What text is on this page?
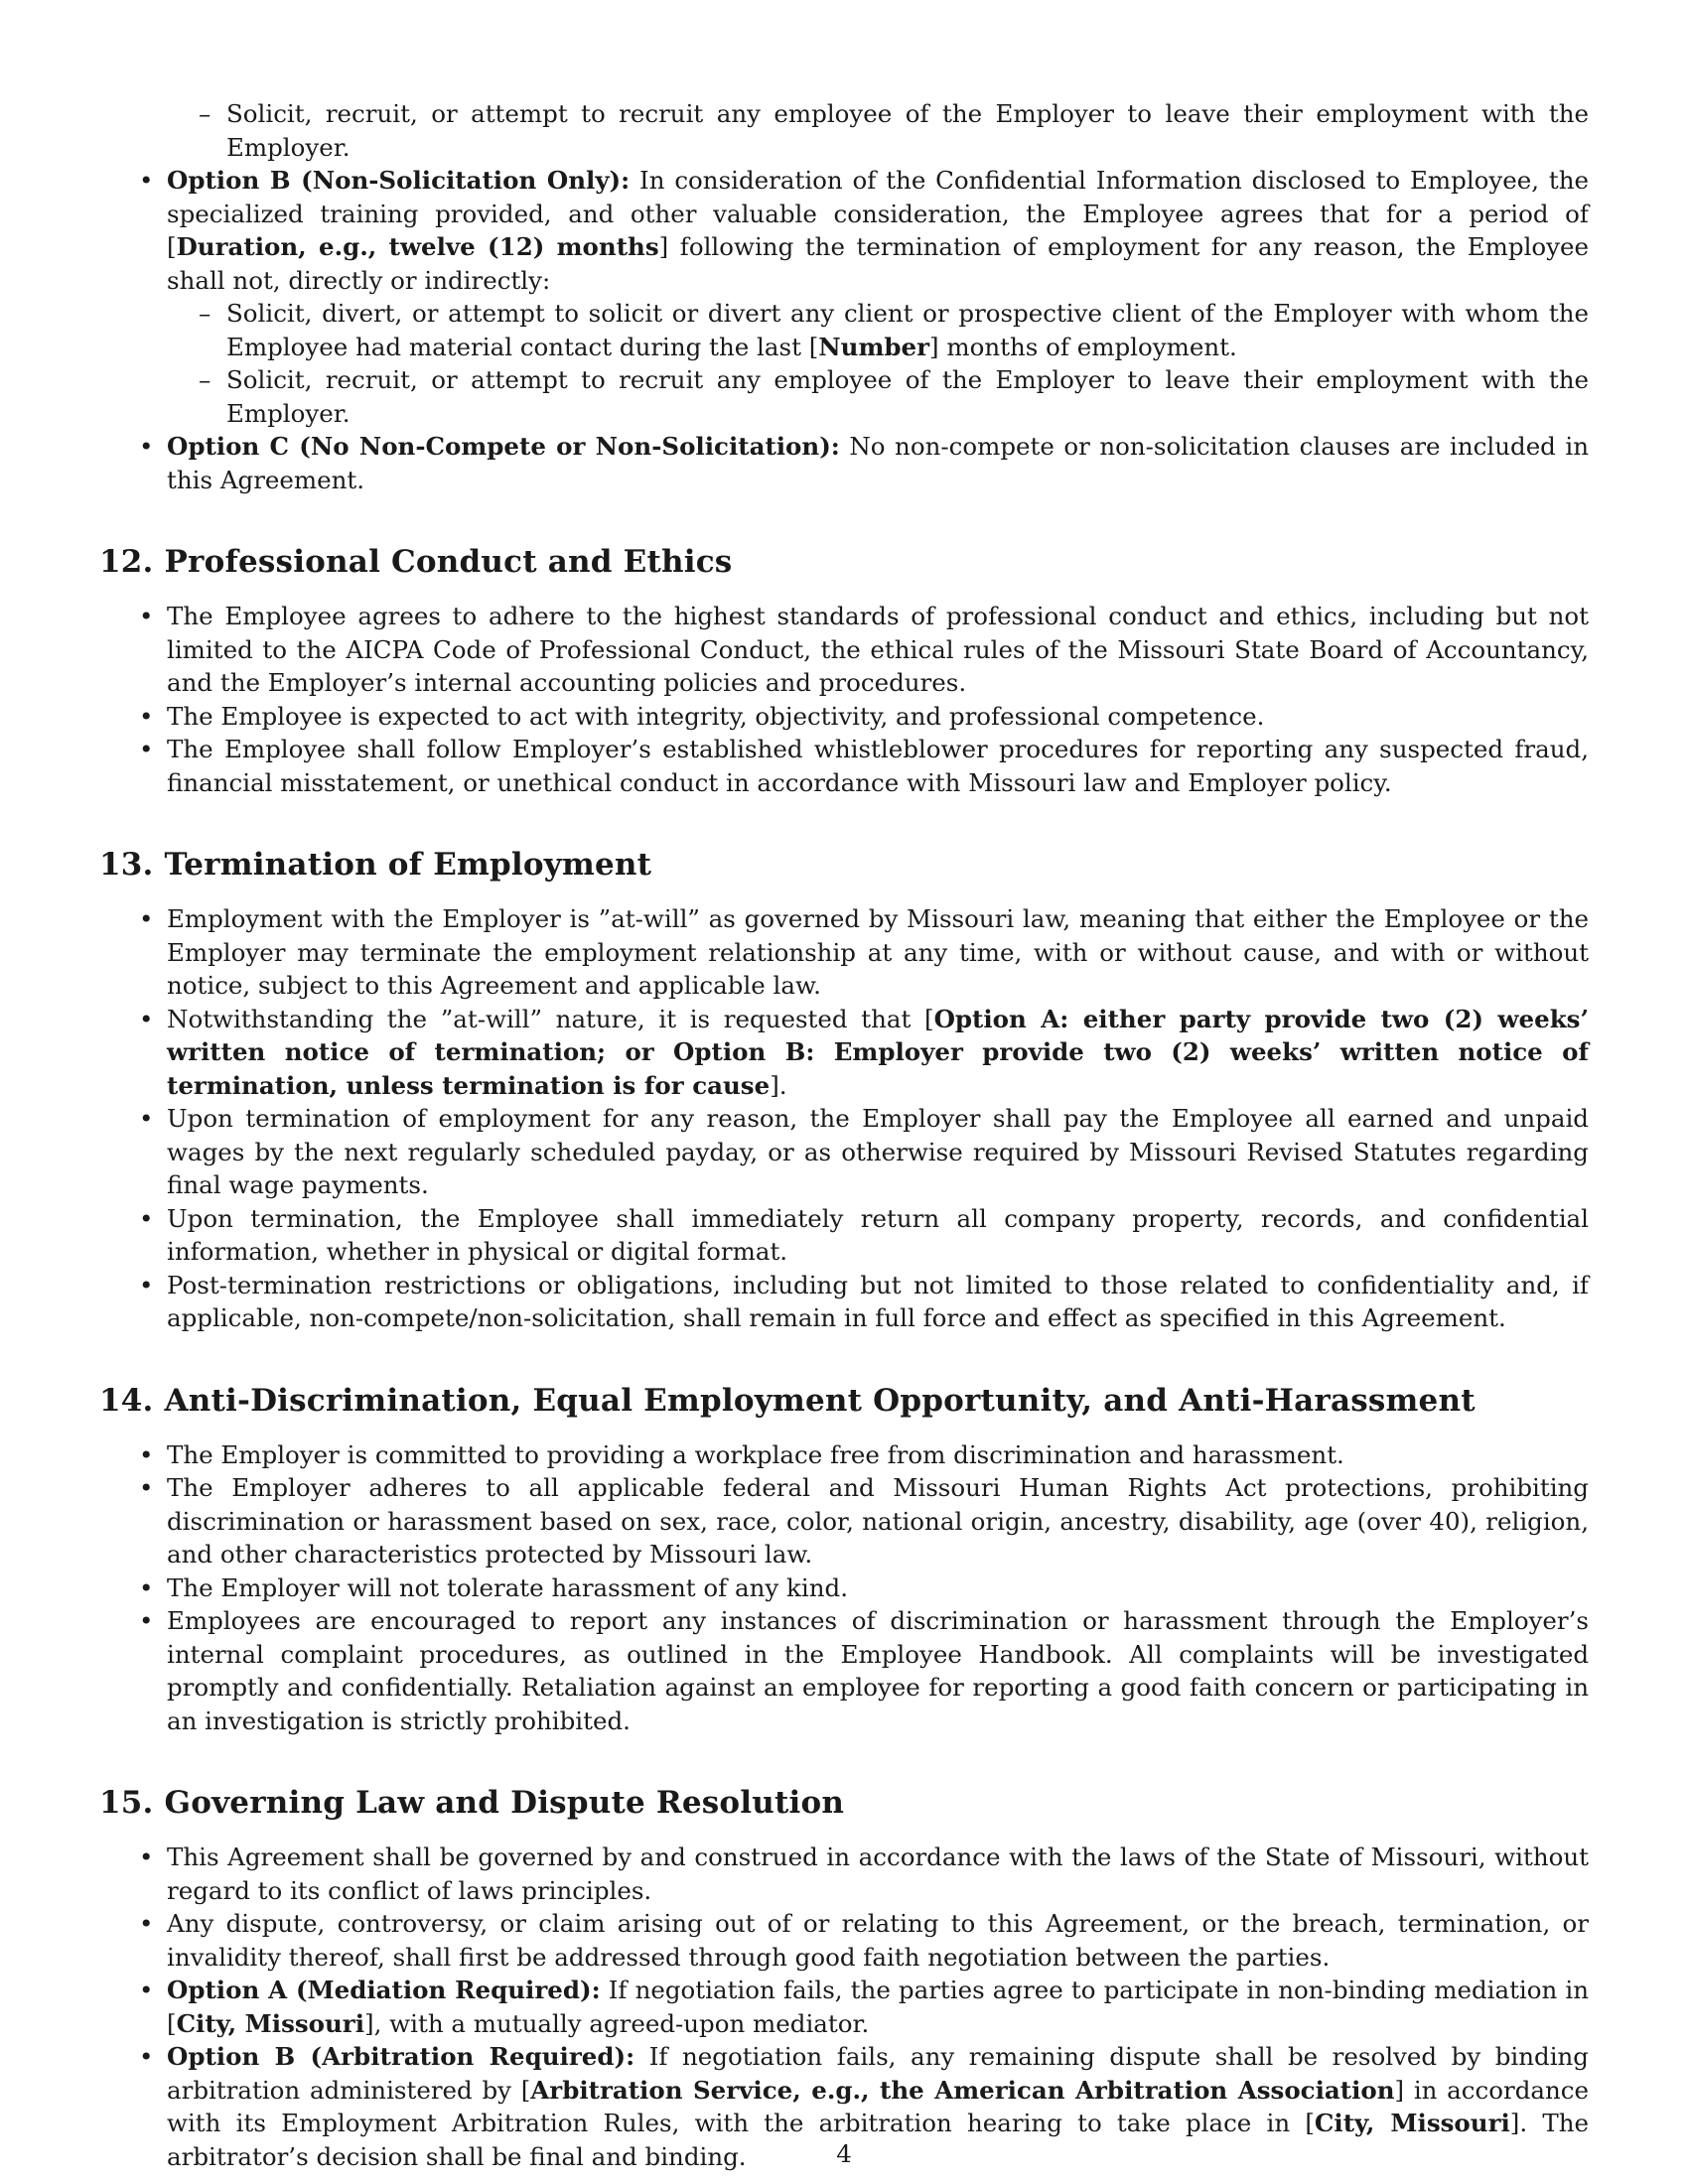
– Solicit, recruit, or attempt to recruit any employee of the Employer to leave their employment with the Employer.
• Option B (Non-Solicitation Only): In consideration of the Confidential Information disclosed to Employee, the specialized training provided, and other valuable consideration, the Employee agrees that for a period of [Duration, e.g., twelve (12) months] following the termination of employment for any reason, the Employee shall not, directly or indirectly:
– Solicit, divert, or attempt to solicit or divert any client or prospective client of the Employer with whom the Employee had material contact during the last [Number] months of employment.
– Solicit, recruit, or attempt to recruit any employee of the Employer to leave their employment with the Employer.
• Option C (No Non-Compete or Non-Solicitation): No non-compete or non-solicitation clauses are included in this Agreement.
12. Professional Conduct and Ethics
• The Employee agrees to adhere to the highest standards of professional conduct and ethics, including but not limited to the AICPA Code of Professional Conduct, the ethical rules of the Missouri State Board of Accountancy, and the Employer’s internal accounting policies and procedures.
• The Employee is expected to act with integrity, objectivity, and professional competence.
• The Employee shall follow Employer’s established whistleblower procedures for reporting any suspected fraud, financial misstatement, or unethical conduct in accordance with Missouri law and Employer policy.
13. Termination of Employment
• Employment with the Employer is ”at-will” as governed by Missouri law, meaning that either the Employee or the Employer may terminate the employment relationship at any time, with or without cause, and with or without notice, subject to this Agreement and applicable law.
• Notwithstanding the ”at-will” nature, it is requested that [Option A: either party provide two (2) weeks’ written notice of termination; or Option B: Employer provide two (2) weeks’ written notice of termination, unless termination is for cause].
• Upon termination of employment for any reason, the Employer shall pay the Employee all earned and unpaid wages by the next regularly scheduled payday, or as otherwise required by Missouri Revised Statutes regarding final wage payments.
• Upon termination, the Employee shall immediately return all company property, records, and confidential information, whether in physical or digital format.
• Post-termination restrictions or obligations, including but not limited to those related to confidentiality and, if applicable, non-compete/non-solicitation, shall remain in full force and effect as specified in this Agreement.
14. Anti-Discrimination, Equal Employment Opportunity, and Anti-Harassment
• The Employer is committed to providing a workplace free from discrimination and harassment.
• The Employer adheres to all applicable federal and Missouri Human Rights Act protections, prohibiting discrimination or harassment based on sex, race, color, national origin, ancestry, disability, age (over 40), religion, and other characteristics protected by Missouri law.
• The Employer will not tolerate harassment of any kind.
• Employees are encouraged to report any instances of discrimination or harassment through the Employer’s internal complaint procedures, as outlined in the Employee Handbook. All complaints will be investigated promptly and confidentially. Retaliation against an employee for reporting a good faith concern or participating in an investigation is strictly prohibited.
15. Governing Law and Dispute Resolution
• This Agreement shall be governed by and construed in accordance with the laws of the State of Missouri, without regard to its conflict of laws principles.
• Any dispute, controversy, or claim arising out of or relating to this Agreement, or the breach, termination, or invalidity thereof, shall first be addressed through good faith negotiation between the parties.
• Option A (Mediation Required): If negotiation fails, the parties agree to participate in non-binding mediation in [City, Missouri], with a mutually agreed-upon mediator.
• Option B (Arbitration Required): If negotiation fails, any remaining dispute shall be resolved by binding arbitration administered by [Arbitration Service, e.g., the American Arbitration Association] in accordance with its Employment Arbitration Rules, with the arbitration hearing to take place in [City, Missouri]. The arbitrator’s decision shall be final and binding.	4
